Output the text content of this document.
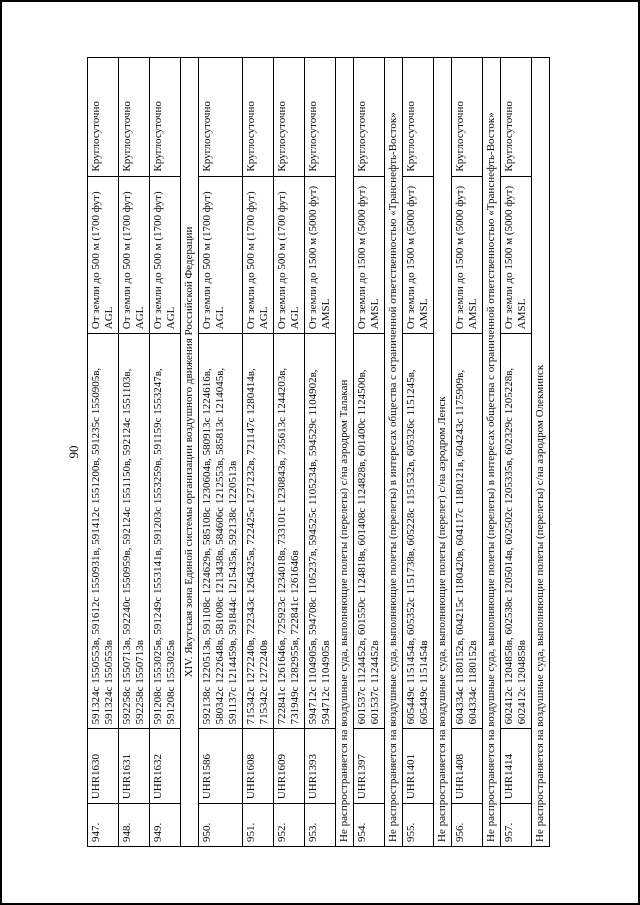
90
947.	UHR1630	591324с 1550553в, 591612с 1550931в, 591412с 1551200в, 591235с 1550905в, 591324с 1550553в	От земли до 500 м (1700 фут) AGL	Круглосуточно
948.	UHR1631	592258с 1550713в, 592240с 1550959в, 592124с 1551150в, 592124с 1551103в, 592258с 1550713в	От земли до 500 м (1700 фут) AGL	Круглосуточно
949.	UHR1632	591208с 1553025в, 591249с 1553141в, 591203с 1553259в, 591159с 1553247в, 591208с 1553025в	От земли до 500 м (1700 фут) AGL	Круглосуточно
XIV. Якутская зона Единой системы организации воздушного движения Российской Федерации				
950.	UHR1586	592138с 1220513в, 591108с 1224629в, 585108с 1230604в, 580913с 1224616в, 580342с 1222648в, 581008с 1213438в, 584606с 1212553в, 585813с 1214045в, 591137с 1214459в, 591844с 1215435в, 592138с 1220513в	От земли до 500 м (1700 фут) AGL	Круглосуточно
951.	UHR1608	715342с 1272240в, 722343с 1264325в, 722425с 1271232в, 721147с 1280414в, 715342с 1272240в	От земли до 500 м (1700 фут) AGL	Круглосуточно
952.	UHR1609	722841с 1261646в, 725923с 1234018в, 733101с 1230843в, 735613с 1244203в, 731949с 1282955в, 722841с 1261646в	От земли до 500 м (1700 фут) AGL	Круглосуточно
953.	UHR1393	594712с 1104905в, 594708с 1105237в, 594525с 1105234в, 594529с 1104902в, 594712с 1104905в	От земли до 1500 м (5000 фут) AMSL	Круглосуточно
Не распространяется на воздушные суда, выполняющие полеты (перелеты) с/на аэродром Талакан				
954.	UHR1397	601537с 1124452в, 601550с 1124818в, 601408с 1124828в, 601400с 1124500в, 601537с 1124452в	От земли до 1500 м (5000 фут) AMSL	Круглосуточно
Не распространяется на воздушные суда, выполняющие полеты (перелеты) в интересах общества с ограниченной ответственностью «Транснефть-Восток»				
955.	UHR1401	605449с 1151454в, 605352с 1151738в, 605228с 1151532в, 605326с 1151245в, 605449с 1151454в	От земли до 1500 м (5000 фут) AMSL	Круглосуточно
Не распространяется на воздушные суда, выполняющие полеты (перелет) с/на аэродром Ленск				
956.	UHR1408	604334с 1180152в, 604215с 1180420в, 604117с 1180121в, 604243с 1175909в, 604334с 1180152в	От земли до 1500 м (5000 фут) AMSL	Круглосуточно
Не распространяется на воздушные суда, выполняющие полеты (перелеты) в интересах общества с ограниченной ответственностью «Транснефть-Восток»				
957.	UHR1414	602412с 1204858в, 602538с 1205014в, 602502с 1205335в, 602329с 1205228в, 602412с 1204858в	От земли до 1500 м (5000 фут) AMSL	Круглосуточно
Не распространяется на воздушные суда, выполняющие полеты (перелеты) с/на аэродром Олекминск				
